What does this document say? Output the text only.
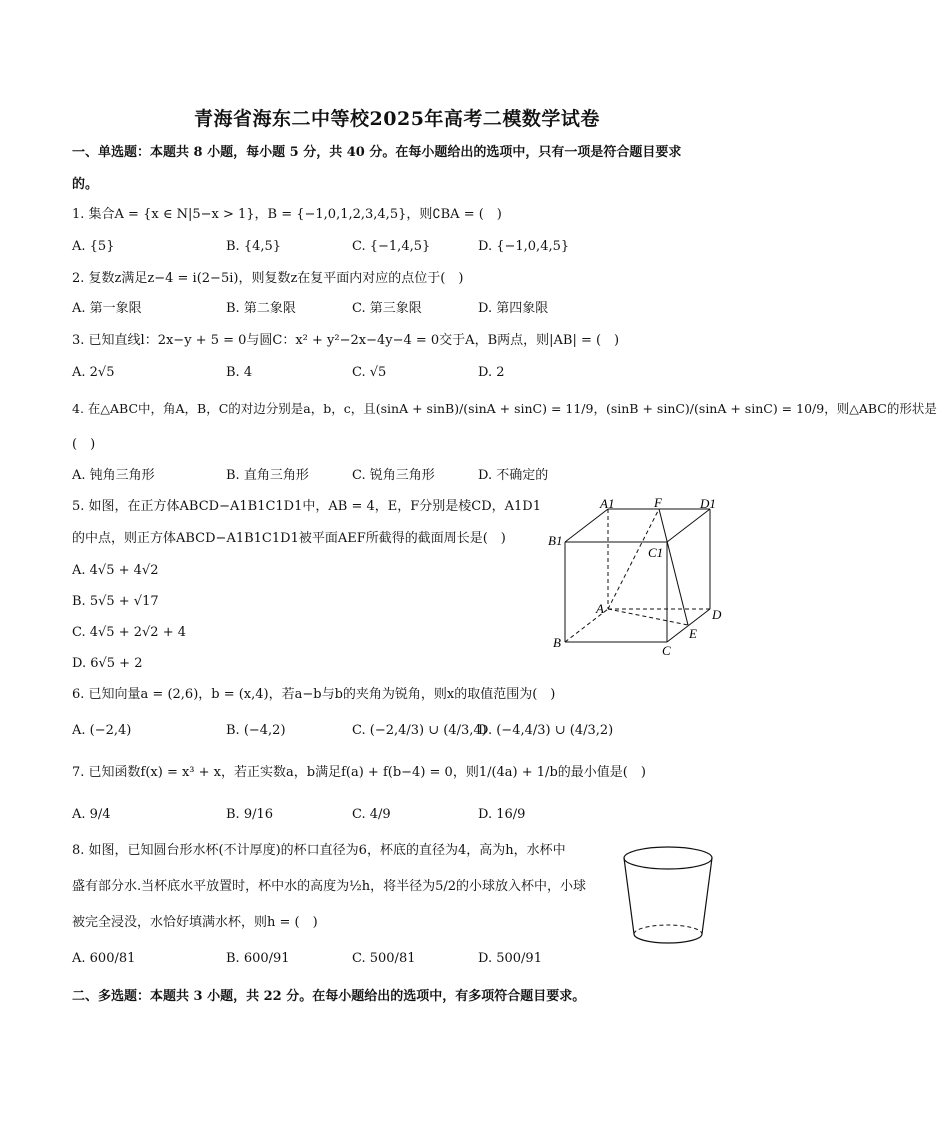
青海省海东二中等校2025年高考二模数学试卷
一、单选题：本题共 8 小题，每小题 5 分，共 40 分。在每小题给出的选项中，只有一项是符合题目要求
的。
1. 集合A = {x ∈ N|5−x > 1}，B = {−1,0,1,2,3,4,5}，则∁BA = (　)
A. {5}	B. {4,5}	C. {−1,4,5}	D. {−1,0,4,5}
2. 复数z满足z−4 = i(2−5i)，则复数z在复平面内对应的点位于(　)
A. 第一象限	B. 第二象限	C. 第三象限	D. 第四象限
3. 已知直线l：2x−y + 5 = 0与圆C：x² + y²−2x−4y−4 = 0交于A，B两点，则|AB| = (　)
A. 2√5	B. 4	C. √5	D. 2
4. 在△ABC中，角A，B，C的对边分别是a，b，c，且(sinA + sinB)/(sinA + sinC) = 11/9，(sinB + sinC)/(sinA + sinC) = 10/9，则△ABC的形状是
(　)
A. 钝角三角形	B. 直角三角形	C. 锐角三角形	D. 不确定的
5. 如图，在正方体ABCD−A1B1C1D1中，AB = 4，E，F分别是棱CD，A1D1
的中点，则正方体ABCD−A1B1C1D1被平面AEF所截得的截面周长是(　)
A. 4√5 + 4√2
B. 5√5 + √17
C. 4√5 + 2√2 + 4
D. 6√5 + 2
A1	F	D1
B1
C1
A	D
B
E
C
6. 已知向量a = (2,6)，b = (x,4)，若a−b与b的夹角为锐角，则x的取值范围为(　)
A. (−2,4)	B. (−4,2)	C. (−2,4/3) ∪ (4/3,4)
D. (−4,4/3) ∪ (4/3,2)
7. 已知函数f(x) = x³ + x，若正实数a，b满足f(a) + f(b−4) = 0，则1/(4a) + 1/b的最小值是(　)
A. 9/4	B. 9/16	C. 4/9	D. 16/9
8. 如图，已知圆台形水杯(不计厚度)的杯口直径为6，杯底的直径为4，高为h，水杯中
盛有部分水.当杯底水平放置时，杯中水的高度为½h，将半径为5/2的小球放入杯中，小球
被完全浸没，水恰好填满水杯，则h = (　)
A. 600/81	B. 600/91	C. 500/81	D. 500/91
二、多选题：本题共 3 小题，共 22 分。在每小题给出的选项中，有多项符合题目要求。
